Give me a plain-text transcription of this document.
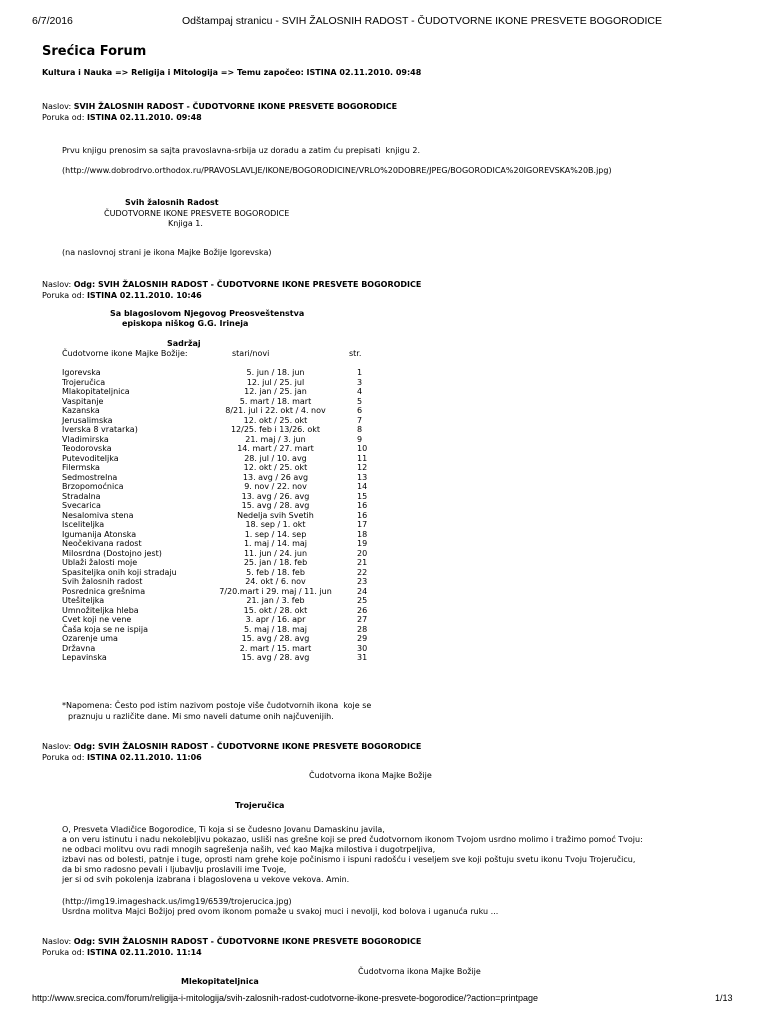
6/7/2016	Odštampaj stranicu - SVIH ŽALOSNIH RADOST - ČUDOTVORNE IKONE PRESVETE BOGORODICE
Srećica Forum
Kultura i Nauka => Religija i Mitologija => Temu započeo: ISTINA 02.11.2010. 09:48
Naslov: SVIH ŽALOSNIH RADOST - ČUDOTVORNE IKONE PRESVETE BOGORODICE
Poruka od: ISTINA 02.11.2010. 09:48
Prvu knjigu prenosim sa sajta pravoslavna-srbija uz doradu a zatim ću prepisati  knjigu 2.
(http://www.dobrodrvo.orthodox.ru/PRAVOSLAVLJE/IKONE/BOGORODICINE/VRLO%20DOBRE/JPEG/BOGORODICA%20IGOREVSKA%20B.jpg)
Svih žalosnih Radost
ČUDOTVORNE IKONE PRESVETE BOGORODICE
Knjiga 1.
(na naslovnoj strani je ikona Majke Božije Igorevska)
Naslov: Odg: SVIH ŽALOSNIH RADOST - ČUDOTVORNE IKONE PRESVETE BOGORODICE
Poruka od: ISTINA 02.11.2010. 10:46
Sa blagoslovom Njegovog Preosveštenstva
episkopa niškog G.G. Irineja
Sadržaj
Čudotvorne ikone Majke Božije:	stari/novi	str.
Igorevska	5. jun / 18. jun	1
Trojeručica	12. jul / 25. jul	3
Mlakopitateljnica	12. jan / 25. jan	4
Vaspitanje	5. mart / 18. mart	5
Kazanska	8/21. jul i 22. okt / 4. nov	6
Jerusalimska	12. okt / 25. okt	7
Iverska 8 vratarka)	12/25. feb i 13/26. okt	8
Vladimirska	21. maj / 3. jun	9
Teodorovska	14. mart / 27. mart	10
Putevoditeljka	28. jul / 10. avg	11
Filermska	12. okt / 25. okt	12
Sedmostrelna	13. avg / 26 avg	13
Brzopomoćnica	9. nov / 22. nov	14
Stradalna	13. avg / 26. avg	15
Svecarica	15. avg / 28. avg	16
Nesalomiva stena	Nedelja svih Svetih	16
Isceliteljka	18. sep / 1. okt	17
Igumanija Atonska	1. sep / 14. sep	18
Neočekivana radost	1. maj / 14. maj	19
Milosrdna (Dostojno jest)	11. jun / 24. jun	20
Ublaži žalosti moje	25. jan / 18. feb	21
Spasiteljka onih koji stradaju	5. feb / 18. feb	22
Svih žalosnih radost	24. okt / 6. nov	23
Posrednica grešnima	7/20.mart i 29. maj / 11. jun	24
Utešiteljka	21. jan / 3. feb	25
Umnožiteljka hleba	15. okt / 28. okt	26
Cvet koji ne vene	3. apr / 16. apr	27
Čaša koja se ne ispija	5. maj / 18. maj	28
Ozarenje uma	15. avg / 28. avg	29
Državna	2. mart / 15. mart	30
Lepavinska	15. avg / 28. avg	31
*Napomena: Često pod istim nazivom postoje više čudotvornih ikona  koje se
praznuju u različite dane. Mi smo naveli datume onih najčuvenijih.
Naslov: Odg: SVIH ŽALOSNIH RADOST - ČUDOTVORNE IKONE PRESVETE BOGORODICE
Poruka od: ISTINA 02.11.2010. 11:06
Čudotvorna ikona Majke Božije
Trojeručica
O, Presveta Vladičice Bogorodice, Ti koja si se čudesno Jovanu Damaskinu javila,
a on veru istinutu i nadu nekolebljivu pokazao, usliši nas grešne koji se pred čudotvornom ikonom Tvojom usrdno molimo i tražimo pomoć Tvoju:
ne odbaci molitvu ovu radi mnogih sagrešenja naših, već kao Majka milostiva i dugotrpeljiva,
izbavi nas od bolesti, patnje i tuge, oprosti nam grehe koje počinismo i ispuni radošću i veseljem sve koji poštuju svetu ikonu Tvoju Trojeručicu,
da bi smo radosno pevali i ljubavlju proslavili ime Tvoje,
jer si od svih pokolenja izabrana i blagoslovena u vekove vekova. Amin.
(http://img19.imageshack.us/img19/6539/trojerucica.jpg)
Usrdna molitva Majci Božijoj pred ovom ikonom pomaže u svakoj muci i nevolji, kod bolova i uganuća ruku ...
Naslov: Odg: SVIH ŽALOSNIH RADOST - ČUDOTVORNE IKONE PRESVETE BOGORODICE
Poruka od: ISTINA 02.11.2010. 11:14
Čudotvorna ikona Majke Božije
Mlekopitateljnica
http://www.srecica.com/forum/religija-i-mitologija/svih-zalosnih-radost-cudotvorne-ikone-presvete-bogorodice/?action=printpage	1/13
